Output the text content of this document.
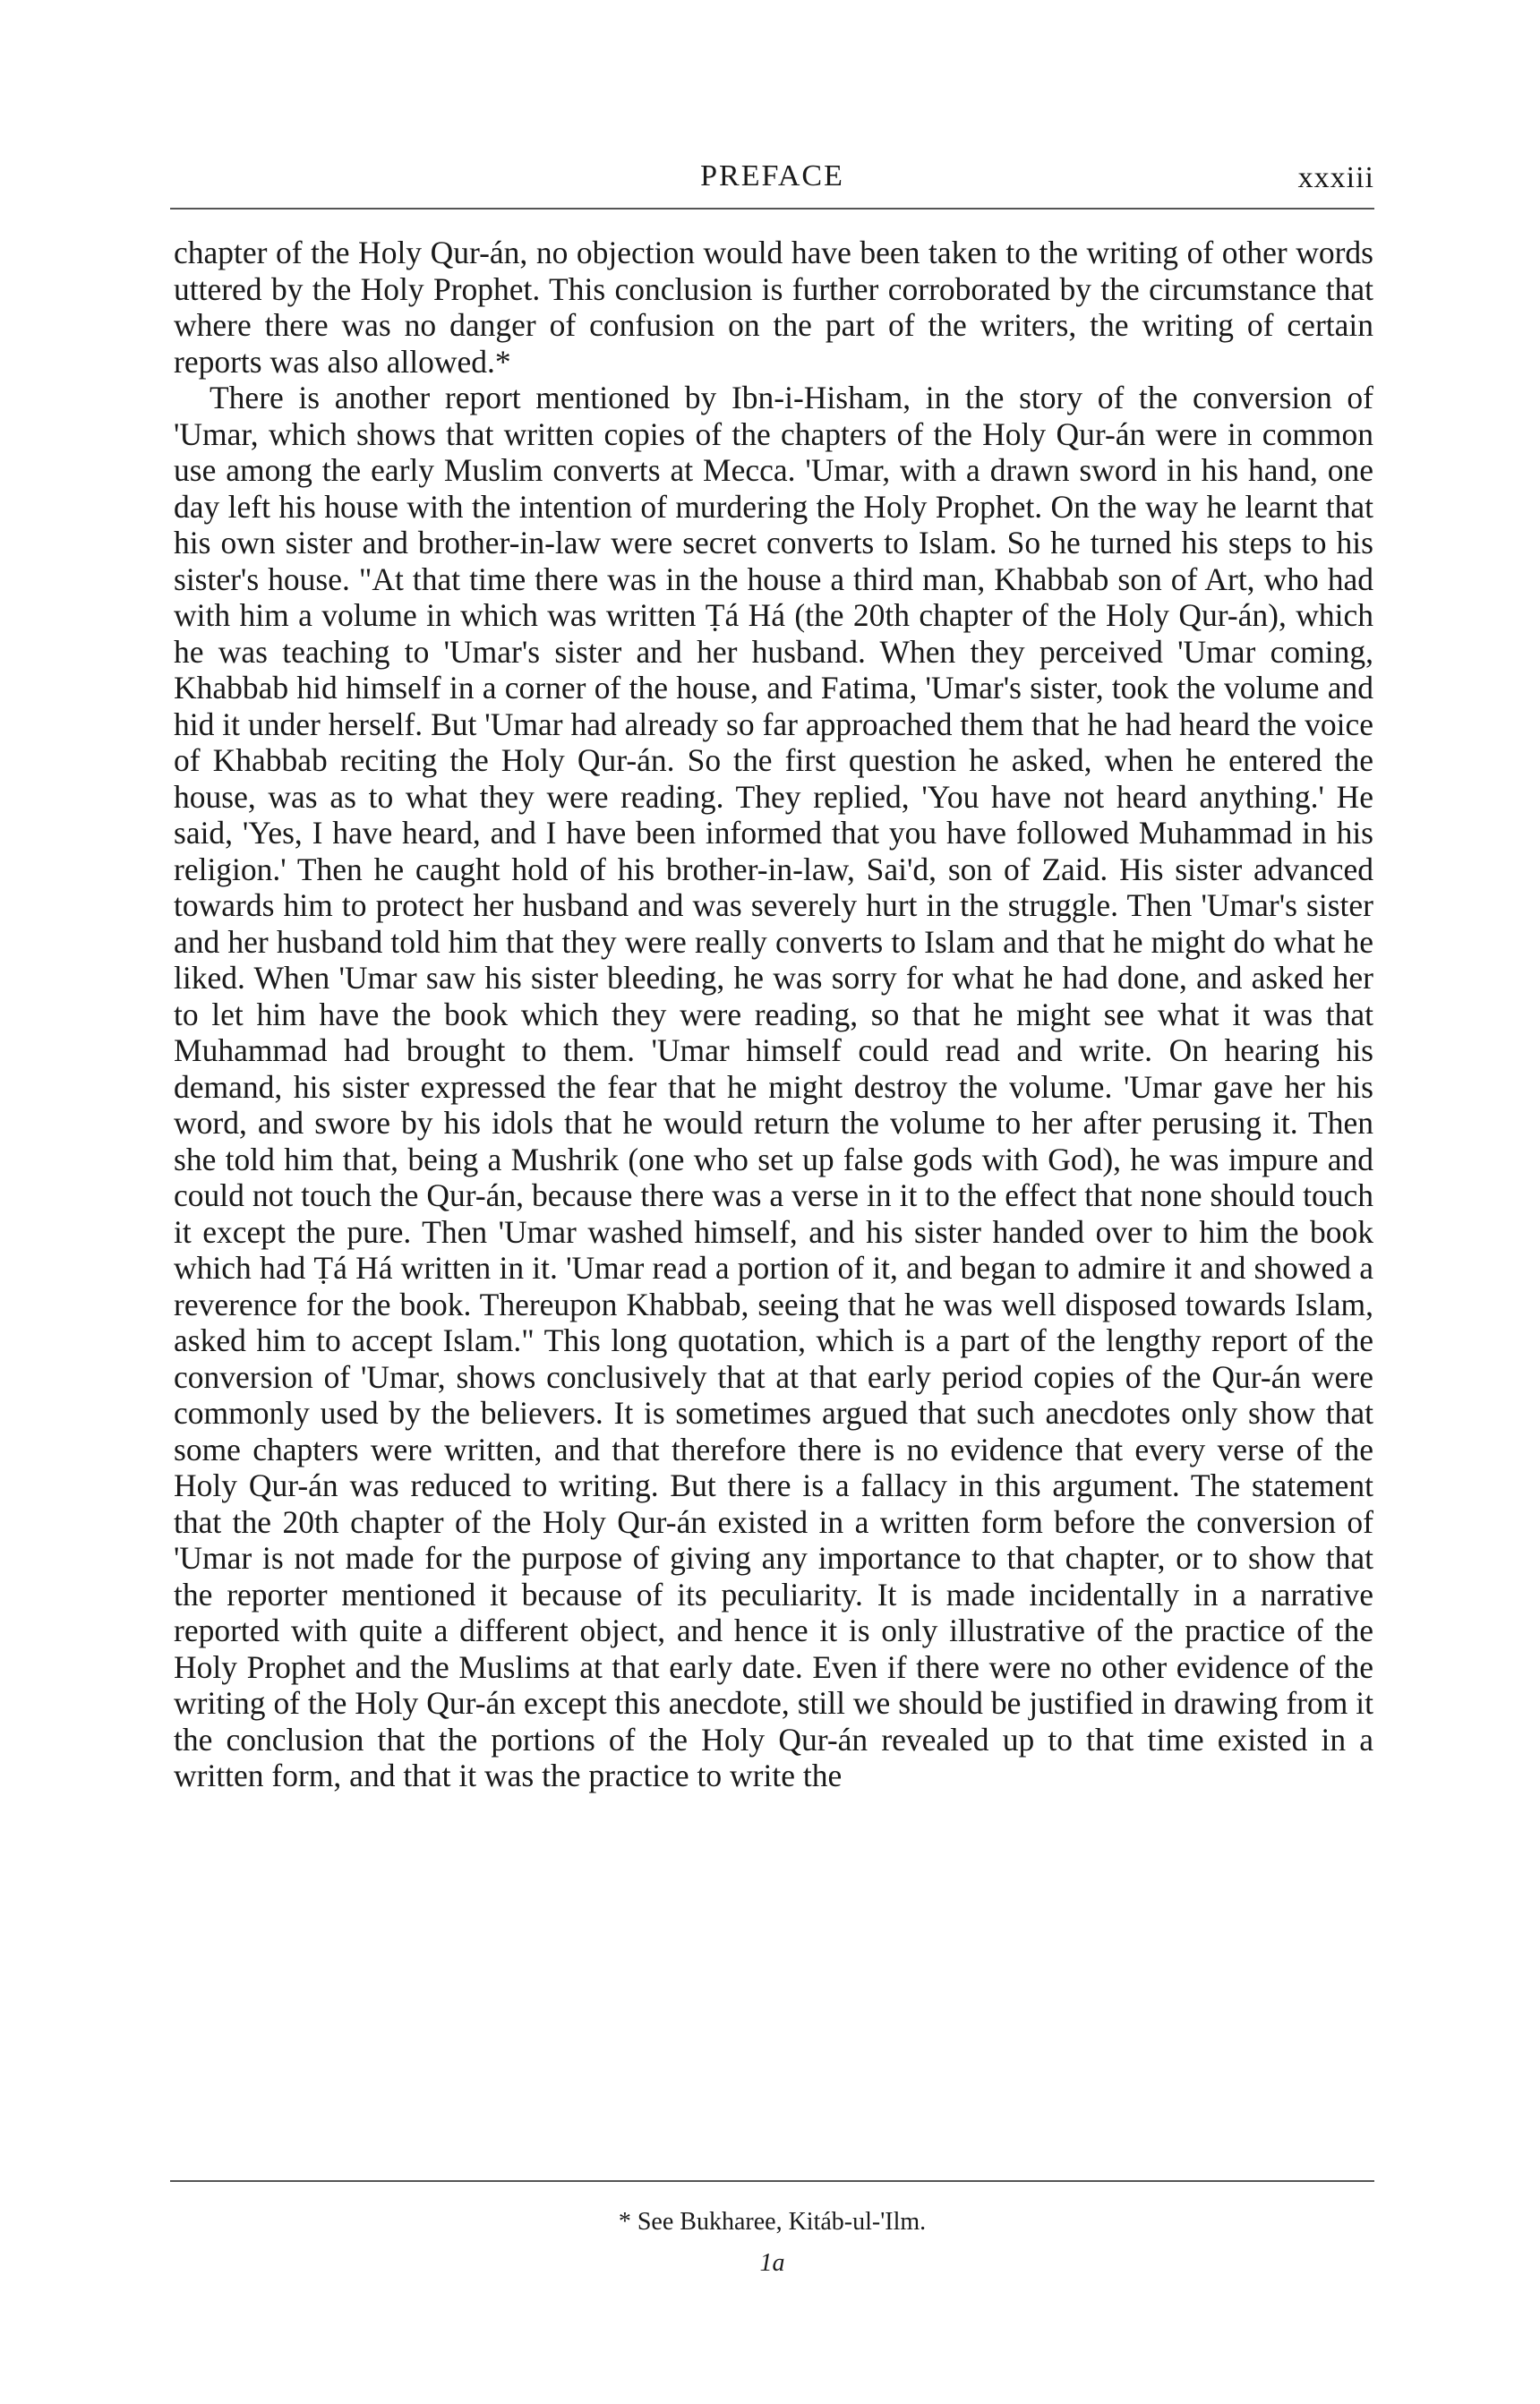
PREFACE	xxxiii

chapter of the Holy Qur-án, no objection would have been taken to the writing of other words uttered by the Holy Prophet. This conclusion is further corroborated by the circumstance that where there was no danger of confusion on the part of the writers, the writing of certain reports was also allowed.*

There is another report mentioned by Ibn-i-Hisham, in the story of the conversion of 'Umar, which shows that written copies of the chapters of the Holy Qur-án were in common use among the early Muslim converts at Mecca. 'Umar, with a drawn sword in his hand, one day left his house with the intention of murdering the Holy Prophet. On the way he learnt that his own sister and brother-in-law were secret converts to Islam. So he turned his steps to his sister's house. "At that time there was in the house a third man, Khabbab son of Art, who had with him a volume in which was written Ṭá Há (the 20th chapter of the Holy Qur-án), which he was teaching to 'Umar's sister and her husband. When they perceived 'Umar coming, Khabbab hid himself in a corner of the house, and Fatima, 'Umar's sister, took the volume and hid it under herself. But 'Umar had already so far approached them that he had heard the voice of Khabbab reciting the Holy Qur-án. So the first question he asked, when he entered the house, was as to what they were reading. They replied, 'You have not heard anything.' He said, 'Yes, I have heard, and I have been informed that you have followed Muhammad in his religion.' Then he caught hold of his brother-in-law, Sai'd, son of Zaid. His sister advanced towards him to protect her husband and was severely hurt in the struggle. Then 'Umar's sister and her husband told him that they were really converts to Islam and that he might do what he liked. When 'Umar saw his sister bleeding, he was sorry for what he had done, and asked her to let him have the book which they were reading, so that he might see what it was that Muhammad had brought to them. 'Umar himself could read and write. On hearing his demand, his sister expressed the fear that he might destroy the volume. 'Umar gave her his word, and swore by his idols that he would return the volume to her after perusing it. Then she told him that, being a Mushrik (one who set up false gods with God), he was impure and could not touch the Qur-án, because there was a verse in it to the effect that none should touch it except the pure. Then 'Umar washed himself, and his sister handed over to him the book which had Ṭá Há written in it. 'Umar read a portion of it, and began to admire it and showed a reverence for the book. Thereupon Khabbab, seeing that he was well disposed towards Islam, asked him to accept Islam." This long quotation, which is a part of the lengthy report of the conversion of 'Umar, shows conclusively that at that early period copies of the Qur-án were commonly used by the believers. It is sometimes argued that such anecdotes only show that some chapters were written, and that therefore there is no evidence that every verse of the Holy Qur-án was reduced to writing. But there is a fallacy in this argument. The statement that the 20th chapter of the Holy Qur-án existed in a written form before the conversion of 'Umar is not made for the purpose of giving any importance to that chapter, or to show that the reporter mentioned it because of its peculiarity. It is made incidentally in a narrative reported with quite a different object, and hence it is only illustrative of the practice of the Holy Prophet and the Muslims at that early date. Even if there were no other evidence of the writing of the Holy Qur-án except this anecdote, still we should be justified in drawing from it the conclusion that the portions of the Holy Qur-án revealed up to that time existed in a written form, and that it was the practice to write the

* See Bukharee, Kitáb-ul-'Ilm.
1a
